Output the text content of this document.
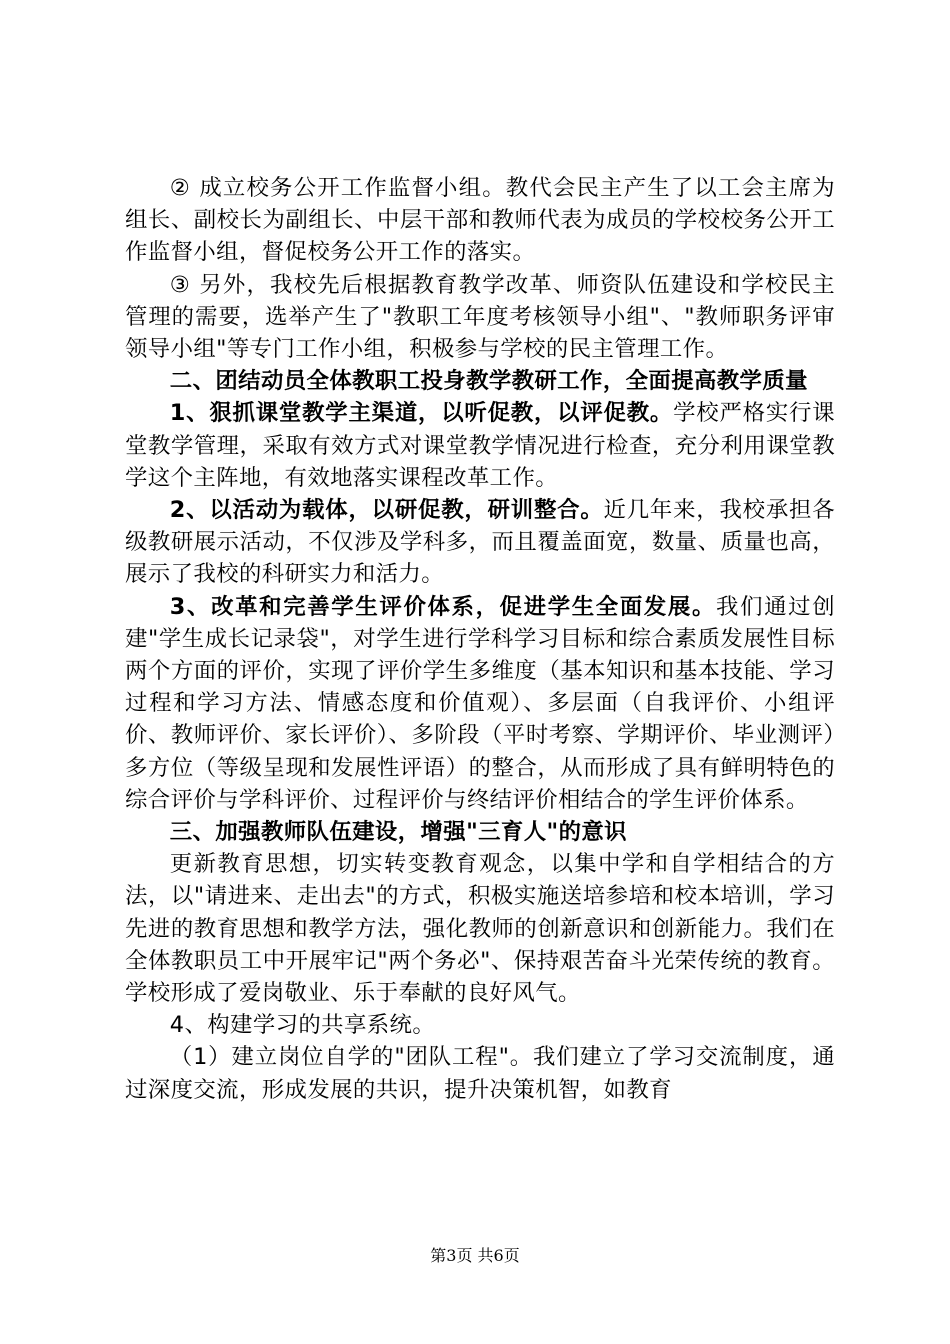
② 成立校务公开工作监督小组。教代会民主产生了以工会主席为组长、副校长为副组长、中层干部和教师代表为成员的学校校务公开工作监督小组，督促校务公开工作的落实。

③ 另外，我校先后根据教育教学改革、师资队伍建设和学校民主管理的需要，选举产生了"教职工年度考核领导小组"、"教师职务评审领导小组"等专门工作小组，积极参与学校的民主管理工作。

二、团结动员全体教职工投身教学教研工作，全面提高教学质量

1、狠抓课堂教学主渠道，以听促教，以评促教。学校严格实行课堂教学管理，采取有效方式对课堂教学情况进行检查，充分利用课堂教学这个主阵地，有效地落实课程改革工作。

2、以活动为载体，以研促教，研训整合。近几年来，我校承担各级教研展示活动，不仅涉及学科多，而且覆盖面宽，数量、质量也高，展示了我校的科研实力和活力。

3、改革和完善学生评价体系，促进学生全面发展。我们通过创建"学生成长记录袋"，对学生进行学科学习目标和综合素质发展性目标两个方面的评价，实现了评价学生多维度（基本知识和基本技能、学习过程和学习方法、情感态度和价值观）、多层面（自我评价、小组评价、教师评价、家长评价）、多阶段（平时考察、学期评价、毕业测评）多方位（等级呈现和发展性评语）的整合，从而形成了具有鲜明特色的综合评价与学科评价、过程评价与终结评价相结合的学生评价体系。

三、加强教师队伍建设，增强"三育人"的意识

更新教育思想，切实转变教育观念，以集中学和自学相结合的方法，以"请进来、走出去"的方式，积极实施送培参培和校本培训，学习先进的教育思想和教学方法，强化教师的创新意识和创新能力。我们在全体教职员工中开展牢记"两个务必"、保持艰苦奋斗光荣传统的教育。学校形成了爱岗敬业、乐于奉献的良好风气。

4、构建学习的共享系统。

（1）建立岗位自学的"团队工程"。我们建立了学习交流制度，通过深度交流，形成发展的共识，提升决策机智，如教育

第3页 共6页
